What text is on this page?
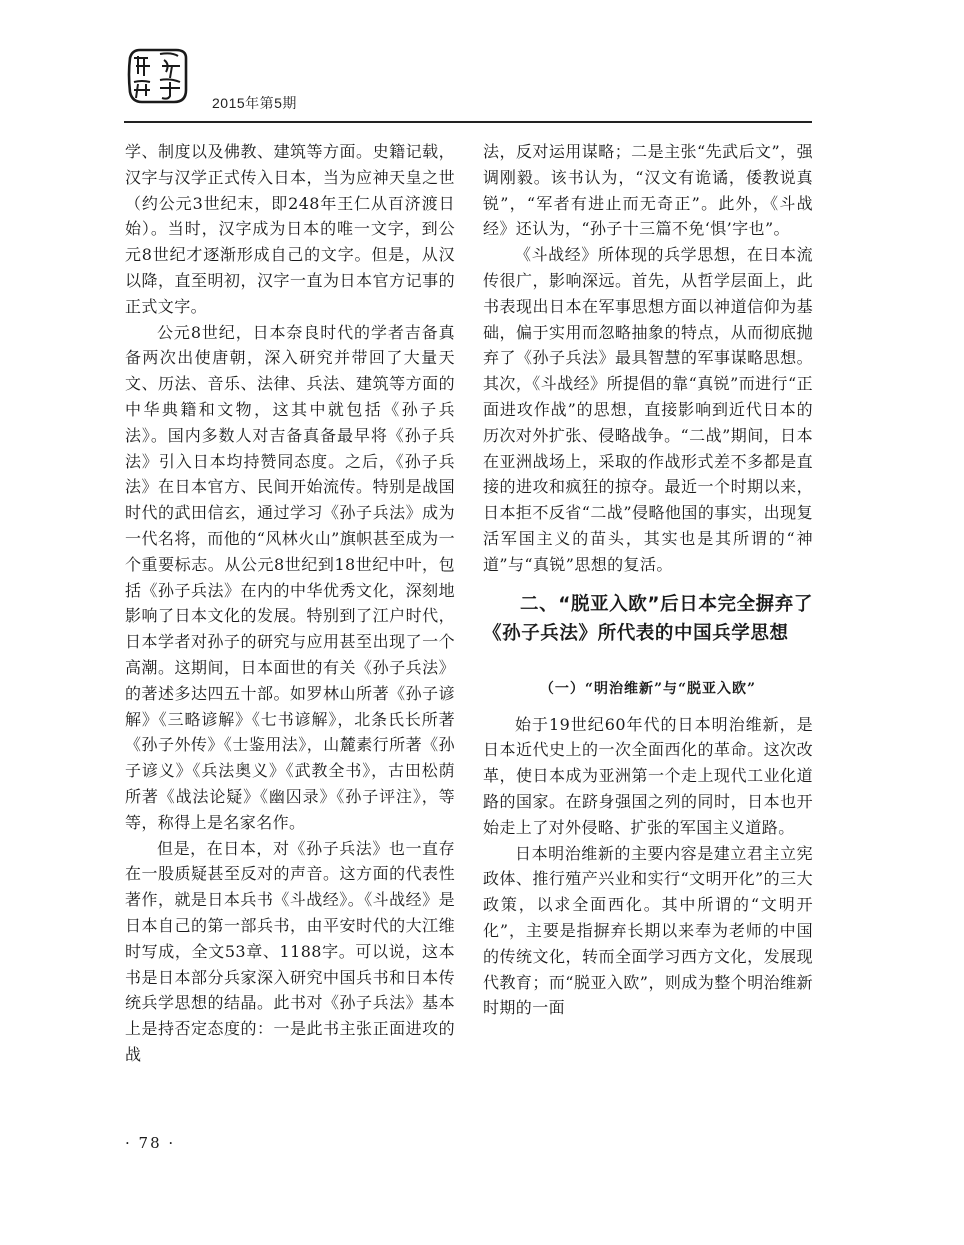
2015年第5期

学、制度以及佛教、建筑等方面。史籍记载，汉字与汉学正式传入日本，当为应神天皇之世（约公元3世纪末，即248年王仁从百济渡日始）。当时，汉字成为日本的唯一文字，到公元8世纪才逐渐形成自己的文字。但是，从汉以降，直至明初，汉字一直为日本官方记事的正式文字。

公元8世纪，日本奈良时代的学者吉备真备两次出使唐朝，深入研究并带回了大量天文、历法、音乐、法律、兵法、建筑等方面的中华典籍和文物，这其中就包括《孙子兵法》。国内多数人对吉备真备最早将《孙子兵法》引入日本均持赞同态度。之后，《孙子兵法》在日本官方、民间开始流传。特别是战国时代的武田信玄，通过学习《孙子兵法》成为一代名将，而他的“风林火山”旗帜甚至成为一个重要标志。从公元8世纪到18世纪中叶，包括《孙子兵法》在内的中华优秀文化，深刻地影响了日本文化的发展。特别到了江户时代，日本学者对孙子的研究与应用甚至出现了一个高潮。这期间，日本面世的有关《孙子兵法》的著述多达四五十部。如罗林山所著《孙子谚解》《三略谚解》《七书谚解》，北条氏长所著《孙子外传》《士鉴用法》，山麓素行所著《孙子谚义》《兵法奥义》《武教全书》，古田松荫所著《战法论疑》《幽囚录》《孙子评注》，等等，称得上是名家名作。

但是，在日本，对《孙子兵法》也一直存在一股质疑甚至反对的声音。这方面的代表性著作，就是日本兵书《斗战经》。《斗战经》是日本自己的第一部兵书，由平安时代的大江维时写成，全文53章、1188字。可以说，这本书是日本部分兵家深入研究中国兵书和日本传统兵学思想的结晶。此书对《孙子兵法》基本上是持否定态度的：一是此书主张正面进攻的战

法，反对运用谋略；二是主张“先武后文”，强调刚毅。该书认为，“汉文有诡谲，倭教说真锐”，“军者有进止而无奇正”。此外，《斗战经》还认为，“孙子十三篇不免‘惧’字也”。

《斗战经》所体现的兵学思想，在日本流传很广，影响深远。首先，从哲学层面上，此书表现出日本在军事思想方面以神道信仰为基础，偏于实用而忽略抽象的特点，从而彻底抛弃了《孙子兵法》最具智慧的军事谋略思想。其次，《斗战经》所提倡的靠“真锐”而进行“正面进攻作战”的思想，直接影响到近代日本的历次对外扩张、侵略战争。“二战”期间，日本在亚洲战场上，采取的作战形式差不多都是直接的进攻和疯狂的掠夺。最近一个时期以来，日本拒不反省“二战”侵略他国的事实，出现复活军国主义的苗头，其实也是其所谓的“神道”与“真锐”思想的复活。

二、“脱亚入欧”后日本完全摒弃了《孙子兵法》所代表的中国兵学思想
（一）“明治维新”与“脱亚入欧”

始于19世纪60年代的日本明治维新，是日本近代史上的一次全面西化的革命。这次改革，使日本成为亚洲第一个走上现代工业化道路的国家。在跻身强国之列的同时，日本也开始走上了对外侵略、扩张的军国主义道路。

日本明治维新的主要内容是建立君主立宪政体、推行殖产兴业和实行“文明开化”的三大政策，以求全面西化。其中所谓的“文明开化”，主要是指摒弃长期以来奉为老师的中国的传统文化，转而全面学习西方文化，发展现代教育；而“脱亚入欧”，则成为整个明治维新时期的一面

· 78 ·
